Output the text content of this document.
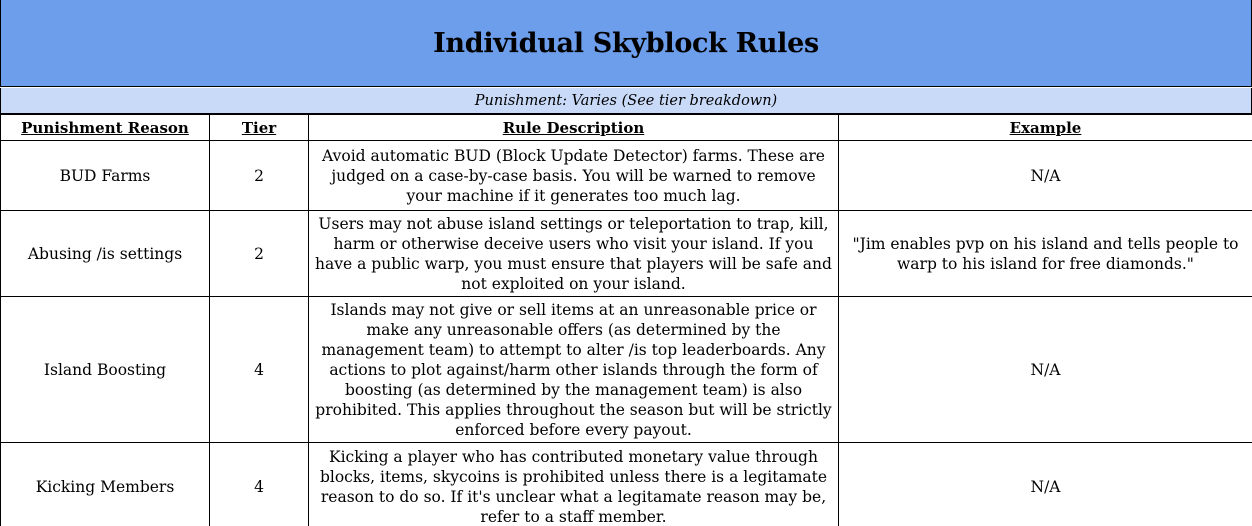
Individual Skyblock Rules
Punishment: Varies (See tier breakdown)
Punishment Reason	Tier	Rule Description	Example
BUD Farms	2	Avoid automatic BUD (Block Update Detector) farms. These are judged on a case-by-case basis. You will be warned to remove your machine if it generates too much lag.	N/A
Abusing /is settings	2	Users may not abuse island settings or teleportation to trap, kill, harm or otherwise deceive users who visit your island. If you have a public warp, you must ensure that players will be safe and not exploited on your island.	"Jim enables pvp on his island and tells people to warp to his island for free diamonds."
Island Boosting	4	Islands may not give or sell items at an unreasonable price or make any unreasonable offers (as determined by the management team) to attempt to alter /is top leaderboards. Any actions to plot against/harm other islands through the form of boosting (as determined by the management team) is also prohibited. This applies throughout the season but will be strictly enforced before every payout.	N/A
Kicking Members	4	Kicking a player who has contributed monetary value through blocks, items, skycoins is prohibited unless there is a legitamate reason to do so. If it's unclear what a legitamate reason may be, refer to a staff member.	N/A
